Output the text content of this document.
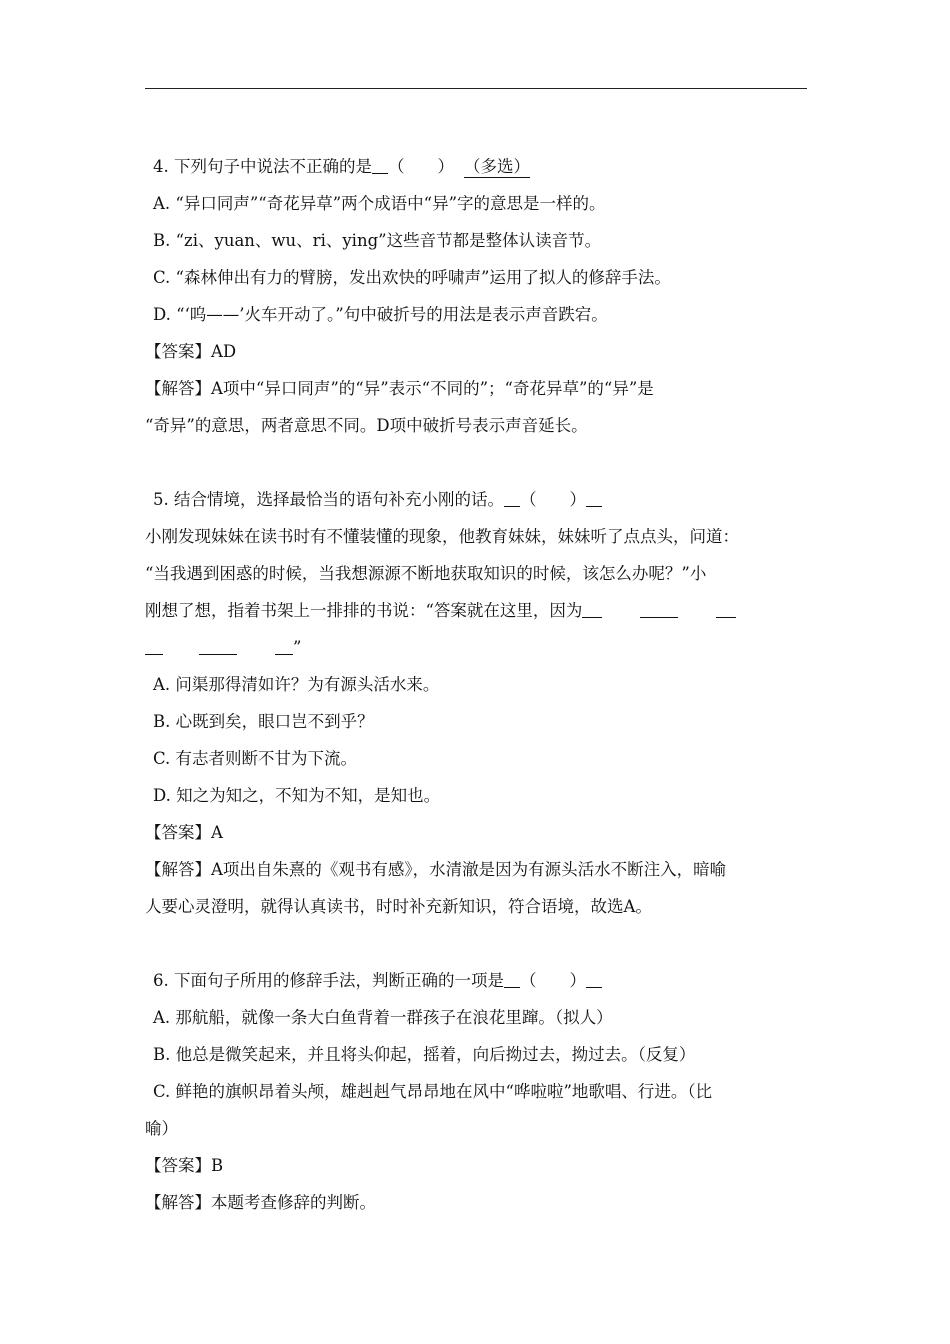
4. 下列句子中说法不正确的是 （　　） （多选）
A. “异口同声”“奇花异草”两个成语中“异”字的意思是一样的。
B. “zi、yuan、wu、ri、ying”这些音节都是整体认读音节。
C. “森林伸出有力的臂膀，发出欢快的呼啸声”运用了拟人的修辞手法。
D. “‘呜——’火车开动了。”句中破折号的用法是表示声音跌宕。
【答案】AD
【解答】A项中“异口同声”的“异”表示“不同的”；“奇花异草”的“异”是
“奇异”的意思，两者意思不同。D项中破折号表示声音延长。
5. 结合情境，选择最恰当的语句补充小刚的话。 （　　）
小刚发现妹妹在读书时有不懂装懂的现象，他教育妹妹，妹妹听了点点头，问道：
“当我遇到困惑的时候，当我想源源不断地获取知识的时候，该怎么办呢？”小
刚想了想，指着书架上一排排的书说：“答案就在这里，因为
”
A. 问渠那得清如许？为有源头活水来。
B. 心既到矣，眼口岂不到乎？
C. 有志者则断不甘为下流。
D. 知之为知之，不知为不知，是知也。
【答案】A
【解答】A项出自朱熹的《观书有感》，水清澈是因为有源头活水不断注入，暗喻
人要心灵澄明，就得认真读书，时时补充新知识，符合语境，故选A。
6. 下面句子所用的修辞手法，判断正确的一项是 （　　）
A. 那航船，就像一条大白鱼背着一群孩子在浪花里蹿。（拟人）
B. 他总是微笑起来，并且将头仰起，摇着，向后拗过去，拗过去。（反复）
C. 鲜艳的旗帜昂着头颅，雄赳赳气昂昂地在风中“哗啦啦”地歌唱、行进。（比
喻）
【答案】B
【解答】本题考查修辞的判断。
